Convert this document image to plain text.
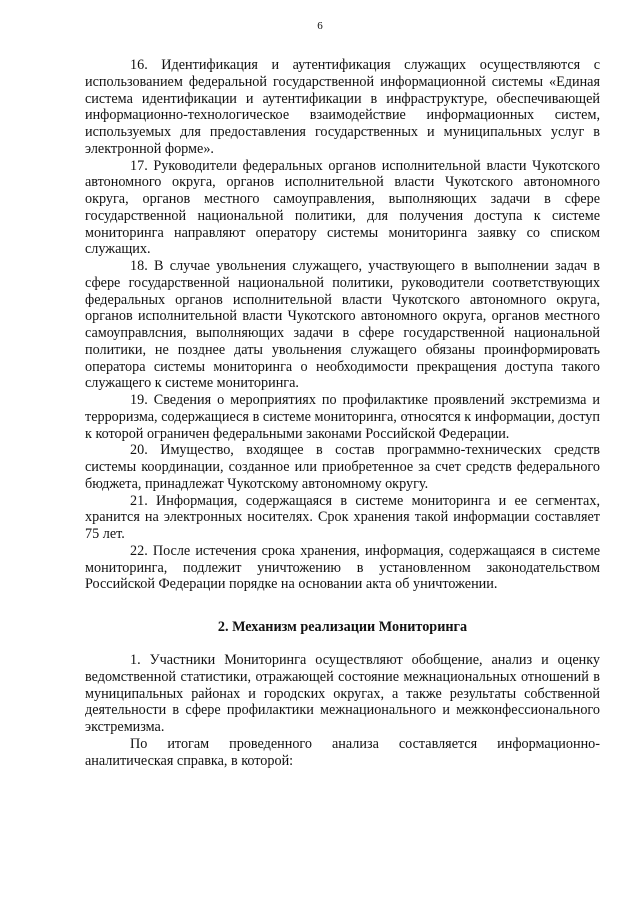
6

16. Идентификация и аутентификация служащих осуществляются с использованием федеральной государственной информационной системы «Единая система идентификации и аутентификации в инфраструктуре, обеспечивающей информационно-технологическое взаимодействие информационных систем, используемых для предоставления государственных и муниципальных услуг в электронной форме».

17. Руководители федеральных органов исполнительной власти Чукотского автономного округа, органов исполнительной власти Чукотского автономного округа, органов местного самоуправления, выполняющих задачи в сфере государственной национальной политики, для получения доступа к системе мониторинга направляют оператору системы мониторинга заявку со списком служащих.

18. В случае увольнения служащего, участвующего в выполнении задач в сфере государственной национальной политики, руководители соответствующих федеральных органов исполнительной власти Чукотского автономного округа, органов исполнительной власти Чукотского автономного округа, органов местного самоуправлсния, выполняющих задачи в сфере государственной национальной политики, не позднее даты увольнения служащего обязаны проинформировать оператора системы мониторинга о необходимости прекращения доступа такого служащего к системе мониторинга.

19. Сведения о мероприятиях по профилактике проявлений экстремизма и терроризма, содержащиеся в системе мониторинга, относятся к информации, доступ к которой ограничен федеральными законами Российской Федерации.

20. Имущество, входящее в состав программно-технических средств системы координации, созданное или приобретенное за счет средств федерального бюджета, принадлежат Чукотскому автономному округу.

21. Информация, содержащаяся в системе мониторинга и ее сегментах, хранится на электронных носителях. Срок хранения такой информации составляет 75 лет.

22. После истечения срока хранения, информация, содержащаяся в системе мониторинга, подлежит уничтожению в установленном законодательством Российской Федерации порядке на основании акта об уничтожении.

2. Механизм реализации Мониторинга

1. Участники Мониторинга осуществляют обобщение, анализ и оценку ведомственной статистики, отражающей состояние межнациональных отношений в муниципальных районах и городских округах, а также результаты собственной деятельности в сфере профилактики межнационального и межконфессионального экстремизма.

По итогам проведенного анализа составляется информационно-аналитическая справка, в которой:
